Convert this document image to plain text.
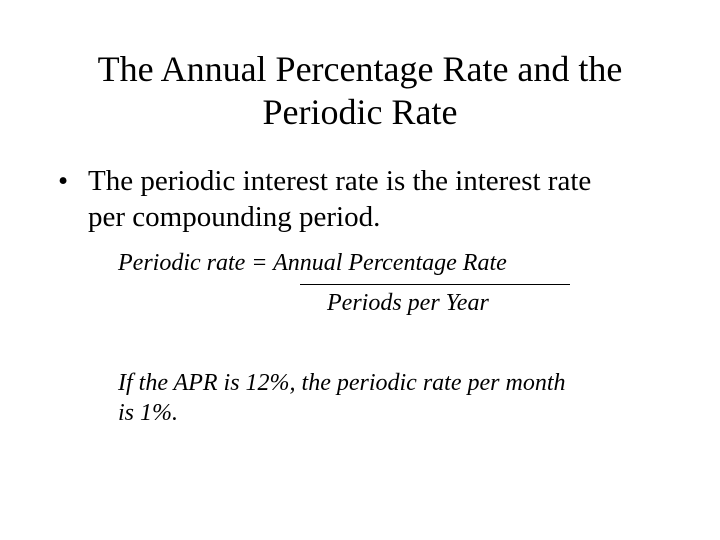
The Annual Percentage Rate and the
Periodic Rate
• The periodic interest rate is the interest rate
per compounding period.
Periodic rate = Annual Percentage Rate
Periods per Year
If the APR is 12%, the periodic rate per month
is 1%.
